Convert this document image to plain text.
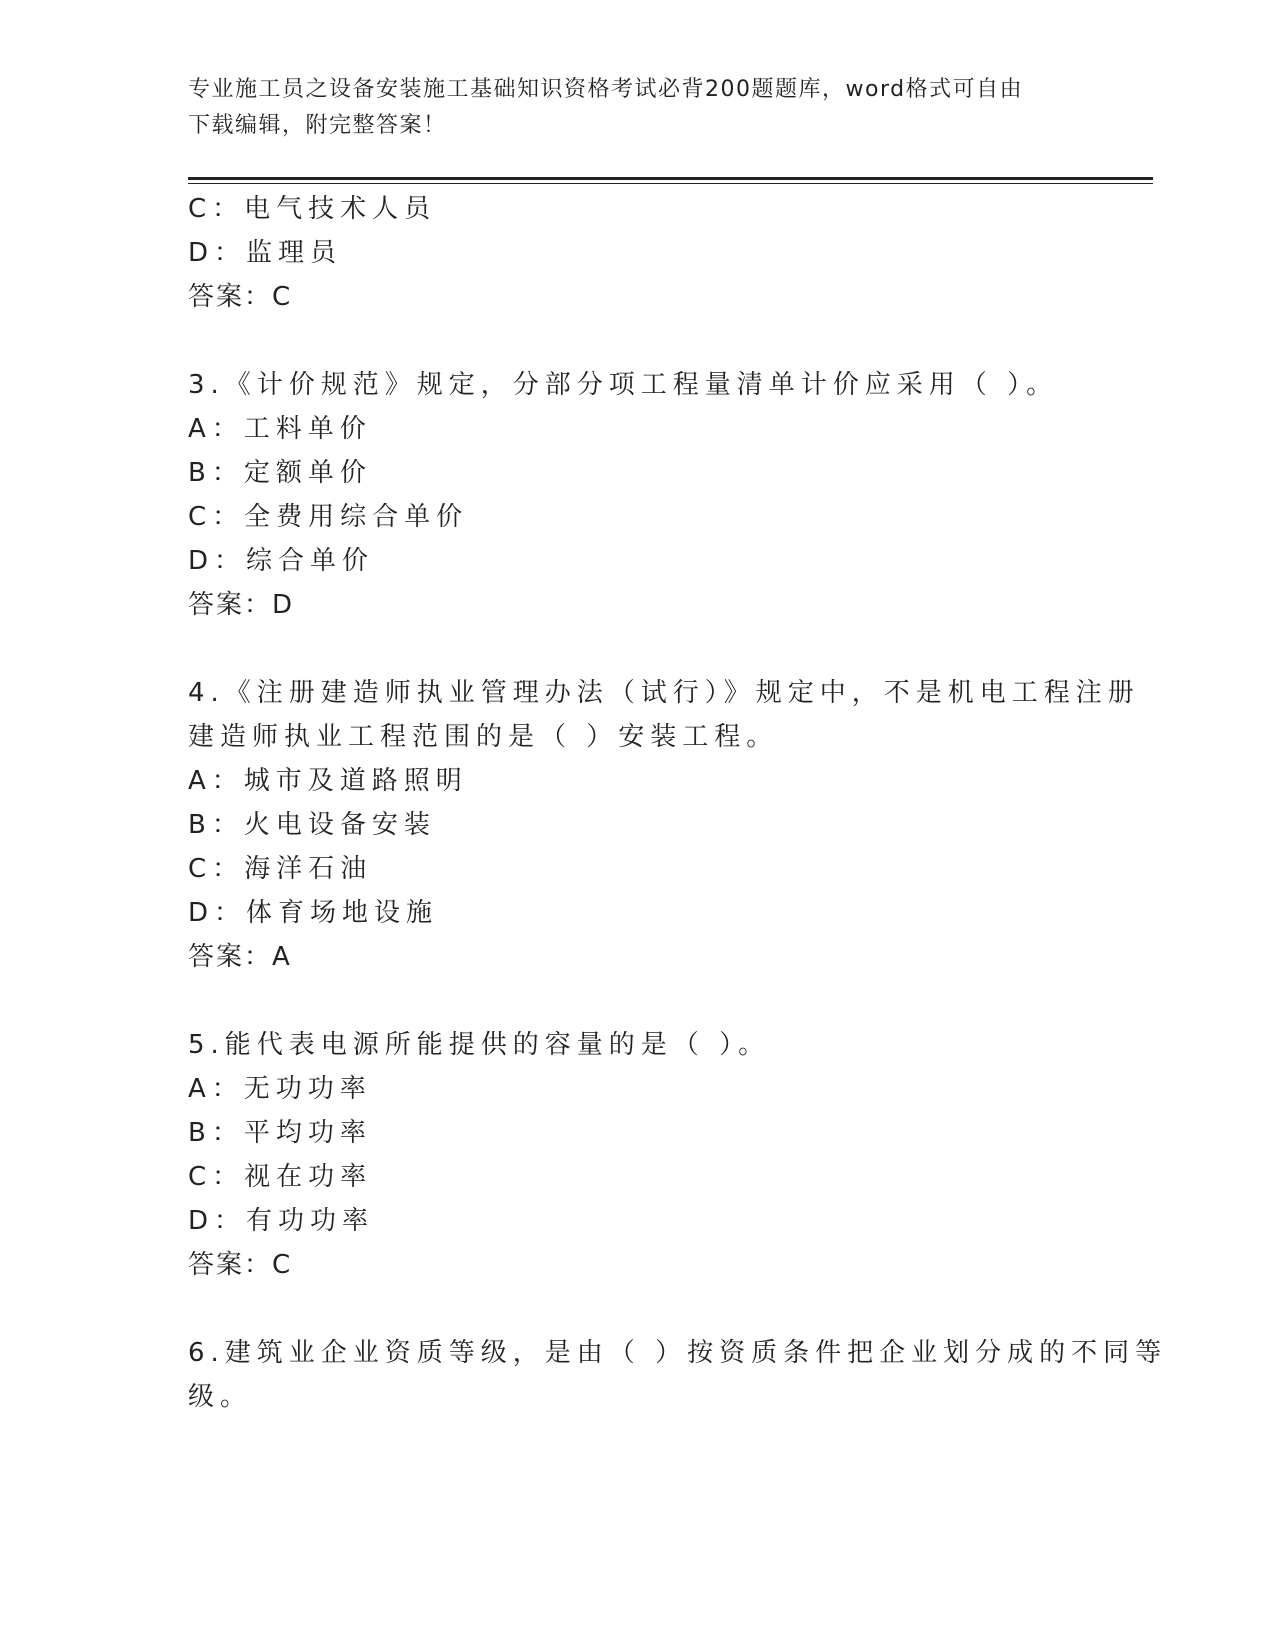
专业施工员之设备安装施工基础知识资格考试必背200题题库，word格式可自由
下载编辑，附完整答案！
C：电气技术人员
D：监理员
答案：C
3.《计价规范》规定，分部分项工程量清单计价应采用（ ）。
A：工料单价
B：定额单价
C：全费用综合单价
D：综合单价
答案：D
4.《注册建造师执业管理办法（试行）》规定中，不是机电工程注册
建造师执业工程范围的是（ ）安装工程。
A：城市及道路照明
B：火电设备安装
C：海洋石油
D：体育场地设施
答案：A
5.能代表电源所能提供的容量的是（ ）。
A：无功功率
B：平均功率
C：视在功率
D：有功功率
答案：C
6.建筑业企业资质等级，是由（ ）按资质条件把企业划分成的不同等
级。
